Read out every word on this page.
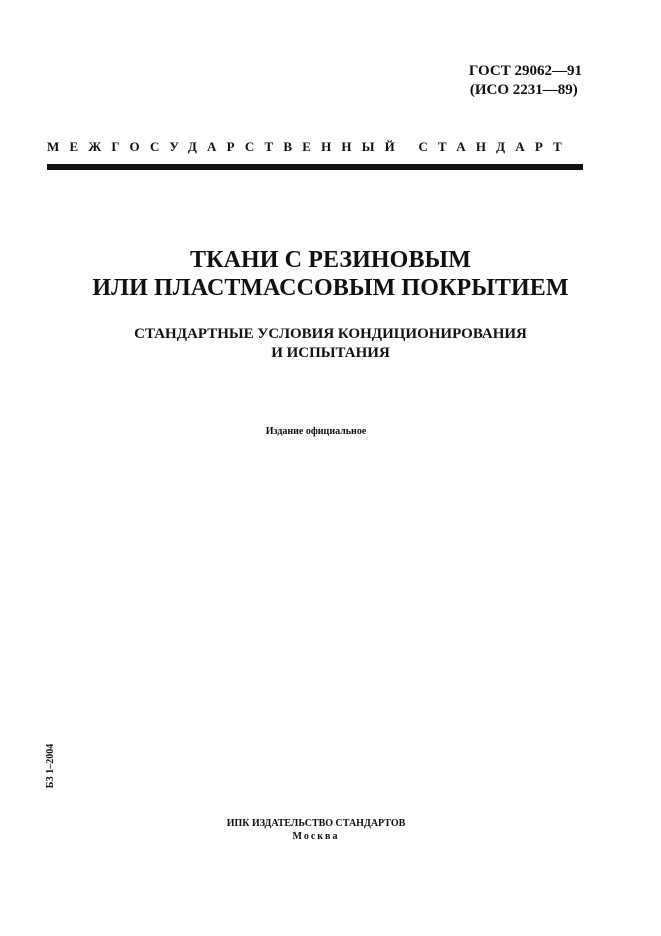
ГОСТ 29062—91
(ИСО 2231—89)
МЕЖГОСУДАРСТВЕННЫЙ СТАНДАРТ
ТКАНИ С РЕЗИНОВЫМ
ИЛИ ПЛАСТМАССОВЫМ ПОКРЫТИЕМ
СТАНДАРТНЫЕ УСЛОВИЯ КОНДИЦИОНИРОВАНИЯ
И ИСПЫТАНИЯ
Издание официальное
БЗ 1–2004
ИПК ИЗДАТЕЛЬСТВО СТАНДАРТОВ
Москва
